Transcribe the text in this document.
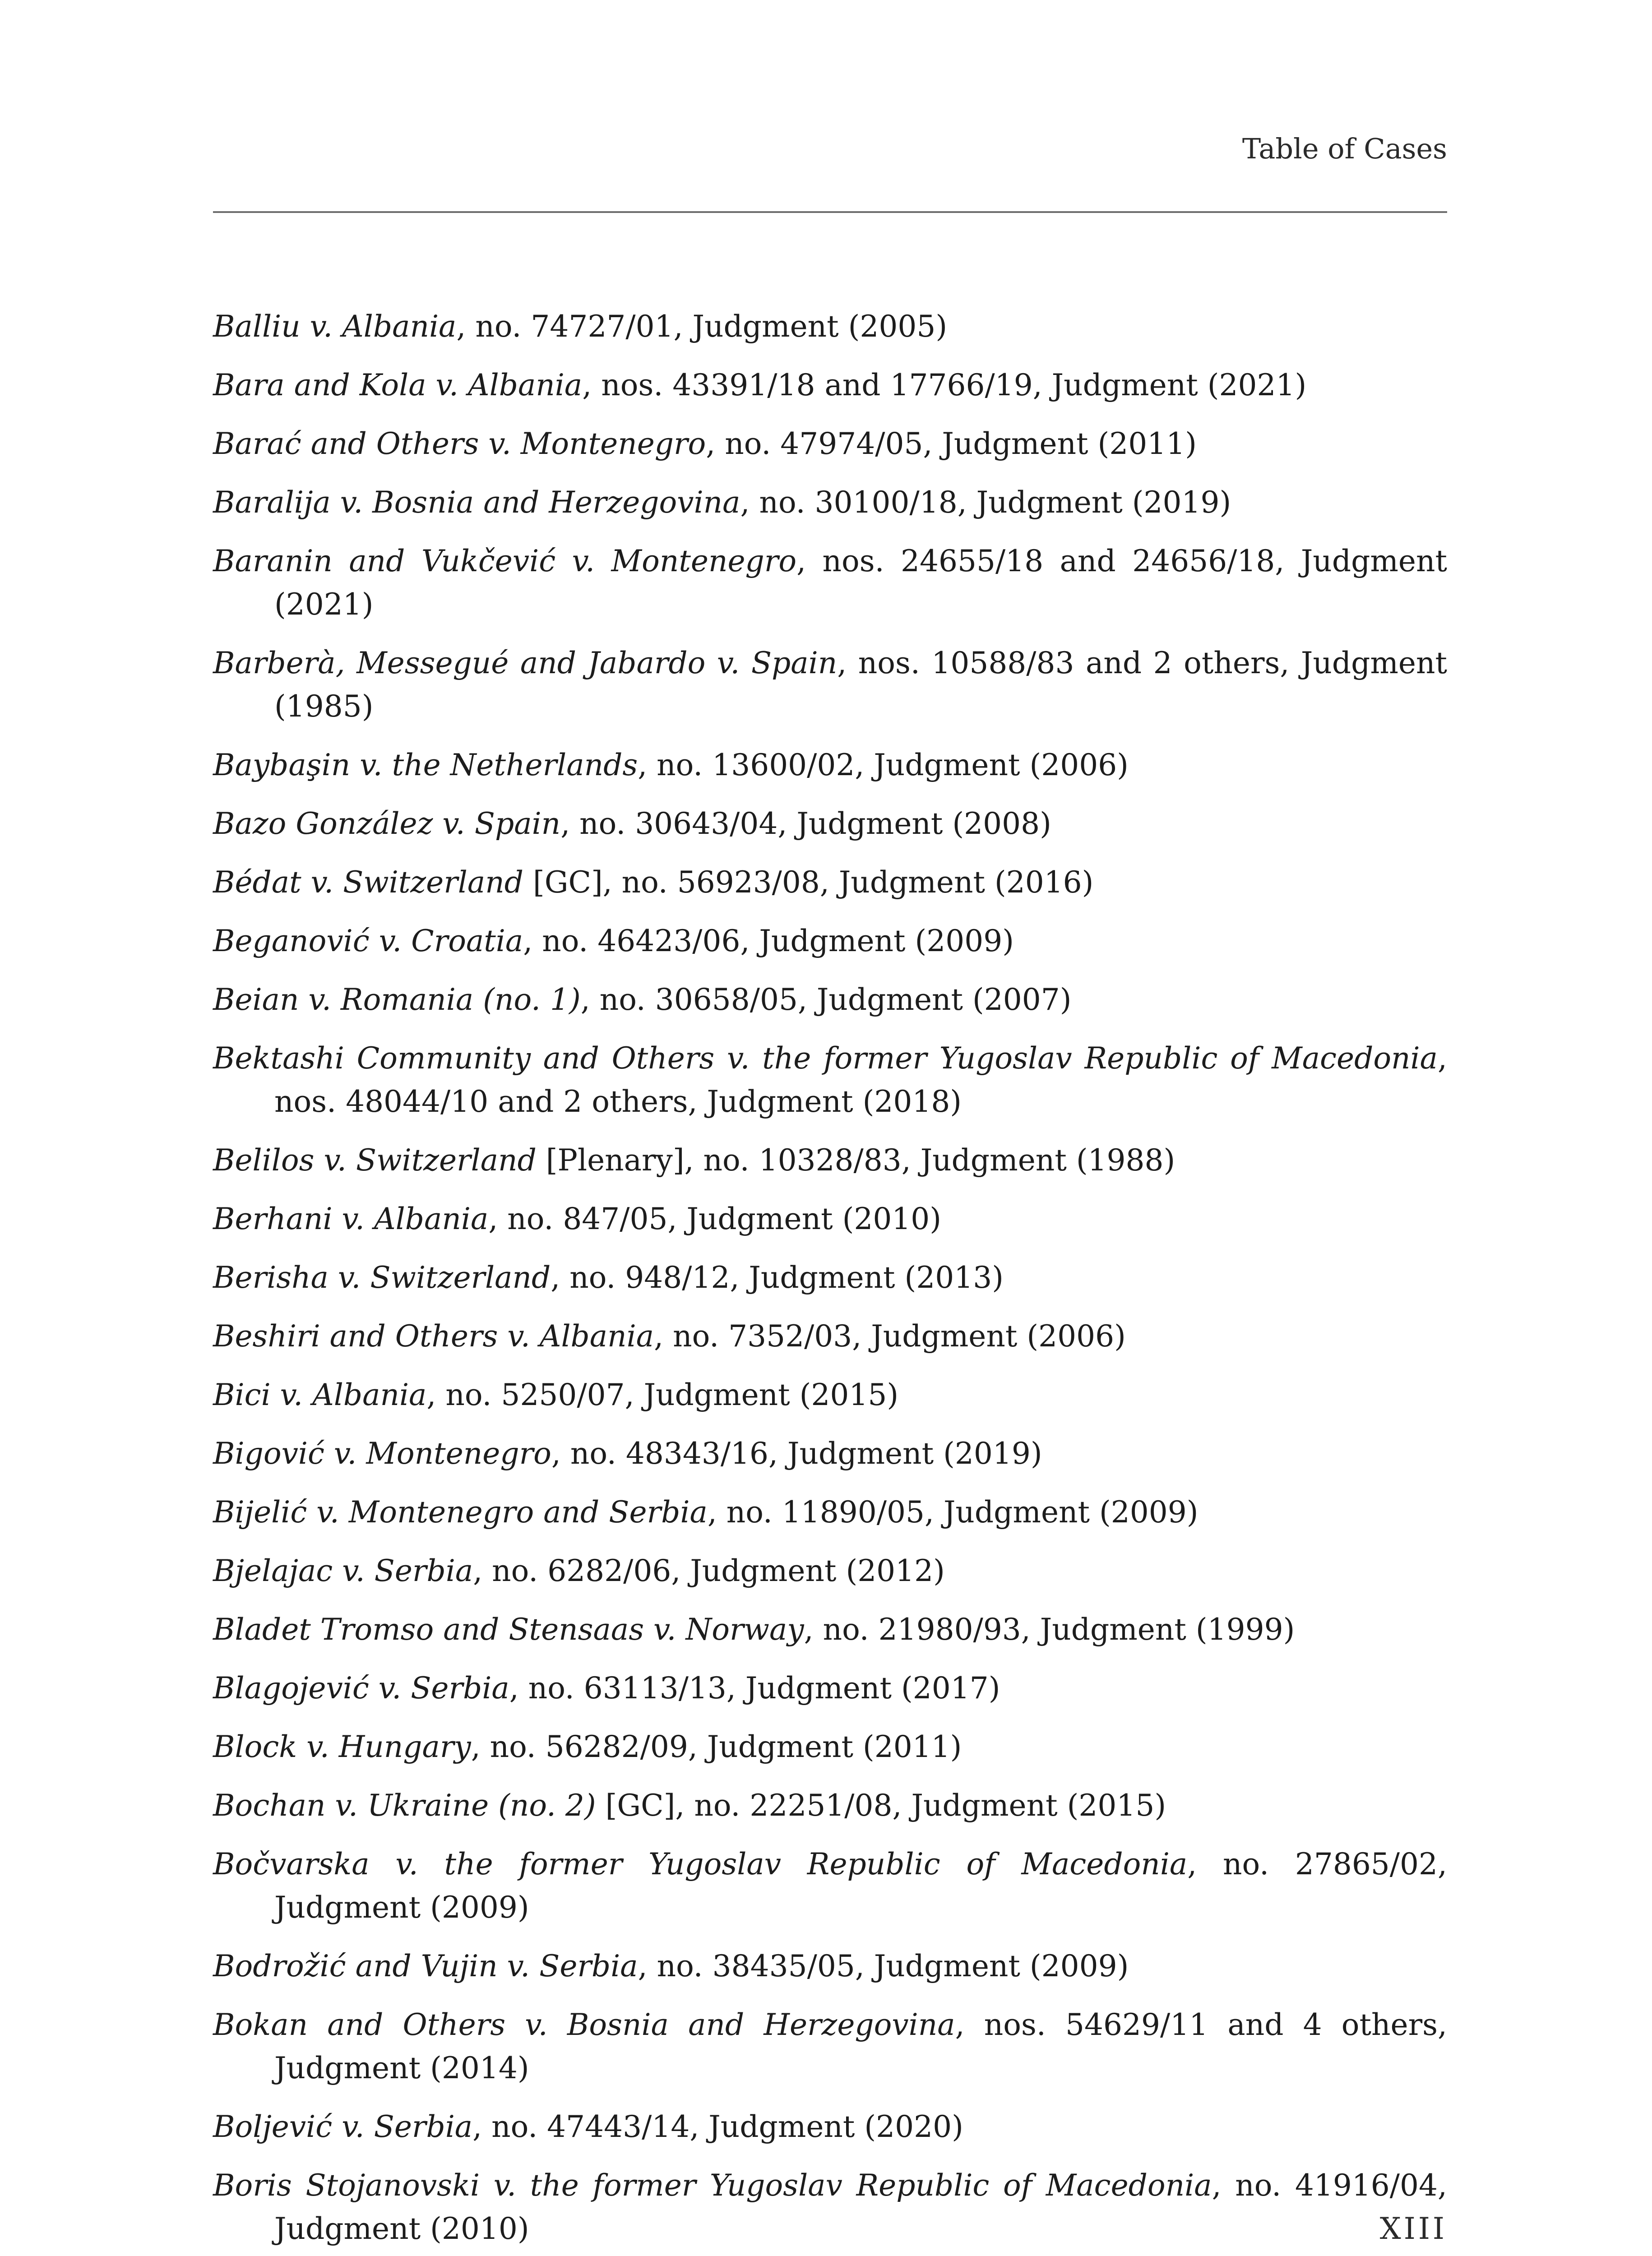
Table of Cases

Balliu v. Albania, no. 74727/01, Judgment (2005)

Bara and Kola v. Albania, nos. 43391/18 and 17766/19, Judgment (2021)

Barać and Others v. Montenegro, no. 47974/05, Judgment (2011)

Baralija v. Bosnia and Herzegovina, no. 30100/18, Judgment (2019)

Baranin and Vukčević v. Montenegro, nos. 24655/18 and 24656/18, Judgment (2021)

Barberà, Messegué and Jabardo v. Spain, nos. 10588/83 and 2 others, Judgment (1985)

Baybaşin v. the Netherlands, no. 13600/02, Judgment (2006)

Bazo González v. Spain, no. 30643/04, Judgment (2008)

Bédat v. Switzerland [GC], no. 56923/08, Judgment (2016)

Beganović v. Croatia, no. 46423/06, Judgment (2009)

Beian v. Romania (no. 1), no. 30658/05, Judgment (2007)

Bektashi Community and Others v. the former Yugoslav Republic of Macedonia, nos. 48044/10 and 2 others, Judgment (2018)

Belilos v. Switzerland [Plenary], no. 10328/83, Judgment (1988)

Berhani v. Albania, no. 847/05, Judgment (2010)

Berisha v. Switzerland, no. 948/12, Judgment (2013)

Beshiri and Others v. Albania, no. 7352/03, Judgment (2006)

Bici v. Albania, no. 5250/07, Judgment (2015)

Bigović v. Montenegro, no. 48343/16, Judgment (2019)

Bijelić v. Montenegro and Serbia, no. 11890/05, Judgment (2009)

Bjelajac v. Serbia, no. 6282/06, Judgment (2012)

Bladet Tromso and Stensaas v. Norway, no. 21980/93, Judgment (1999)

Blagojević v. Serbia, no. 63113/13, Judgment (2017)

Block v. Hungary, no. 56282/09, Judgment (2011)

Bochan v. Ukraine (no. 2) [GC], no. 22251/08, Judgment (2015)

Bočvarska v. the former Yugoslav Republic of Macedonia, no. 27865/02, Judgment (2009)

Bodrožić and Vujin v. Serbia, no. 38435/05, Judgment (2009)

Bokan and Others v. Bosnia and Herzegovina, nos. 54629/11 and 4 others, Judgment (2014)

Boljević v. Serbia, no. 47443/14, Judgment (2020)

Boris Stojanovski v. the former Yugoslav Republic of Macedonia, no. 41916/04, Judgment (2010)	XIII
